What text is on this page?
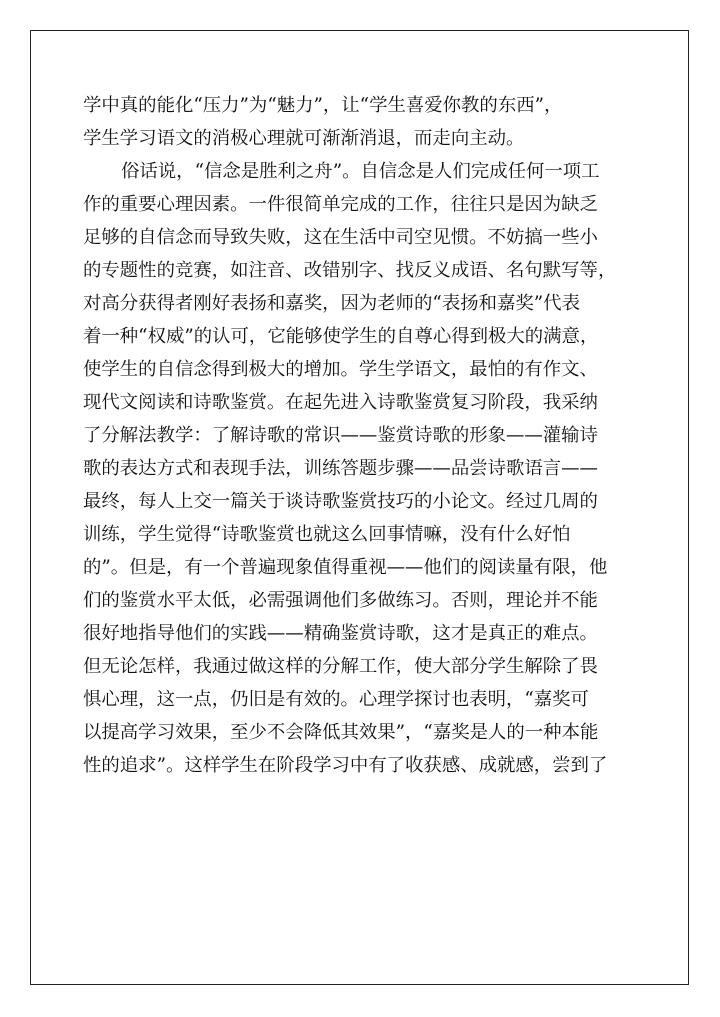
学中真的能化“压力”为“魅力”，让“学生喜爱你教的东西”，
学生学习语文的消极心理就可渐渐消退，而走向主动。
俗话说，“信念是胜利之舟”。自信念是人们完成任何一项工
作的重要心理因素。一件很简单完成的工作，往往只是因为缺乏
足够的自信念而导致失败，这在生活中司空见惯。不妨搞一些小
的专题性的竞赛，如注音、改错别字、找反义成语、名句默写等，
对高分获得者刚好表扬和嘉奖，因为老师的“表扬和嘉奖”代表
着一种“权威”的认可，它能够使学生的自尊心得到极大的满意，
使学生的自信念得到极大的增加。学生学语文，最怕的有作文、
现代文阅读和诗歌鉴赏。在起先进入诗歌鉴赏复习阶段，我采纳
了分解法教学：了解诗歌的常识——鉴赏诗歌的形象——灌输诗
歌的表达方式和表现手法，训练答题步骤——品尝诗歌语言——
最终，每人上交一篇关于谈诗歌鉴赏技巧的小论文。经过几周的
训练，学生觉得“诗歌鉴赏也就这么回事情嘛，没有什么好怕
的”。但是，有一个普遍现象值得重视——他们的阅读量有限，他
们的鉴赏水平太低，必需强调他们多做练习。否则，理论并不能
很好地指导他们的实践——精确鉴赏诗歌，这才是真正的难点。
但无论怎样，我通过做这样的分解工作，使大部分学生解除了畏
惧心理，这一点，仍旧是有效的。心理学探讨也表明，“嘉奖可
以提高学习效果，至少不会降低其效果”，“嘉奖是人的一种本能
性的追求”。这样学生在阶段学习中有了收获感、成就感，尝到了
